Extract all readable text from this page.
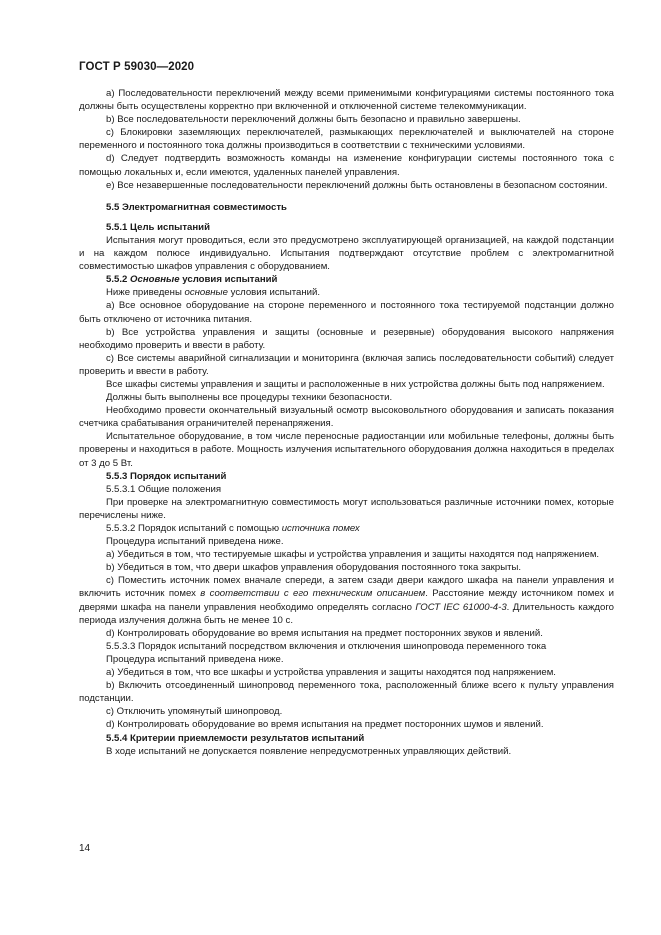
ГОСТ Р 59030—2020

a) Последовательности переключений между всеми применимыми конфигурациями системы постоянного тока должны быть осуществлены корректно при включенной и отключенной системе телекоммуникации.

b) Все последовательности переключений должны быть безопасно и правильно завершены.

c) Блокировки заземляющих переключателей, размыкающих переключателей и выключателей на стороне переменного и постоянного тока должны производиться в соответствии с техническими условиями.

d) Следует подтвердить возможность команды на изменение конфигурации системы постоянного тока с помощью локальных и, если имеются, удаленных панелей управления.

e) Все незавершенные последовательности переключений должны быть остановлены в безопасном состоянии.

5.5 Электромагнитная совместимость

5.5.1 Цель испытаний

Испытания могут проводиться, если это предусмотрено эксплуатирующей организацией, на каждой подстанции и на каждом полюсе индивидуально. Испытания подтверждают отсутствие проблем с электромагнитной совместимостью шкафов управления с оборудованием.

5.5.2 Основные условия испытаний

Ниже приведены основные условия испытаний.

a) Все основное оборудование на стороне переменного и постоянного тока тестируемой подстанции должно быть отключено от источника питания.

b) Все устройства управления и защиты (основные и резервные) оборудования высокого напряжения необходимо проверить и ввести в работу.

c) Все системы аварийной сигнализации и мониторинга (включая запись последовательности событий) следует проверить и ввести в работу.

Все шкафы системы управления и защиты и расположенные в них устройства должны быть под напряжением.

Должны быть выполнены все процедуры техники безопасности.

Необходимо провести окончательный визуальный осмотр высоковольтного оборудования и записать показания счетчика срабатывания ограничителей перенапряжения.

Испытательное оборудование, в том числе переносные радиостанции или мобильные телефоны, должны быть проверены и находиться в работе. Мощность излучения испытательного оборудования должна находиться в пределах от 3 до 5 Вт.

5.5.3 Порядок испытаний

5.5.3.1 Общие положения

При проверке на электромагнитную совместимость могут использоваться различные источники помех, которые перечислены ниже.

5.5.3.2 Порядок испытаний с помощью источника помех

Процедура испытаний приведена ниже.

a) Убедиться в том, что тестируемые шкафы и устройства управления и защиты находятся под напряжением.

b) Убедиться в том, что двери шкафов управления оборудования постоянного тока закрыты.

c) Поместить источник помех вначале спереди, а затем сзади двери каждого шкафа на панели управления и включить источник помех в соответствии с его техническим описанием. Расстояние между источником помех и дверями шкафа на панели управления необходимо определять согласно ГОСТ IEC 61000-4-3. Длительность каждого периода излучения должна быть не менее 10 с.

d) Контролировать оборудование во время испытания на предмет посторонних звуков и явлений.

5.5.3.3 Порядок испытаний посредством включения и отключения шинопровода переменного тока

Процедура испытаний приведена ниже.

a) Убедиться в том, что все шкафы и устройства управления и защиты находятся под напряжением.

b) Включить отсоединенный шинопровод переменного тока, расположенный ближе всего к пульту управления подстанции.

c) Отключить упомянутый шинопровод.

d) Контролировать оборудование во время испытания на предмет посторонних шумов и явлений.

5.5.4 Критерии приемлемости результатов испытаний

В ходе испытаний не допускается появление непредусмотренных управляющих действий.

14
